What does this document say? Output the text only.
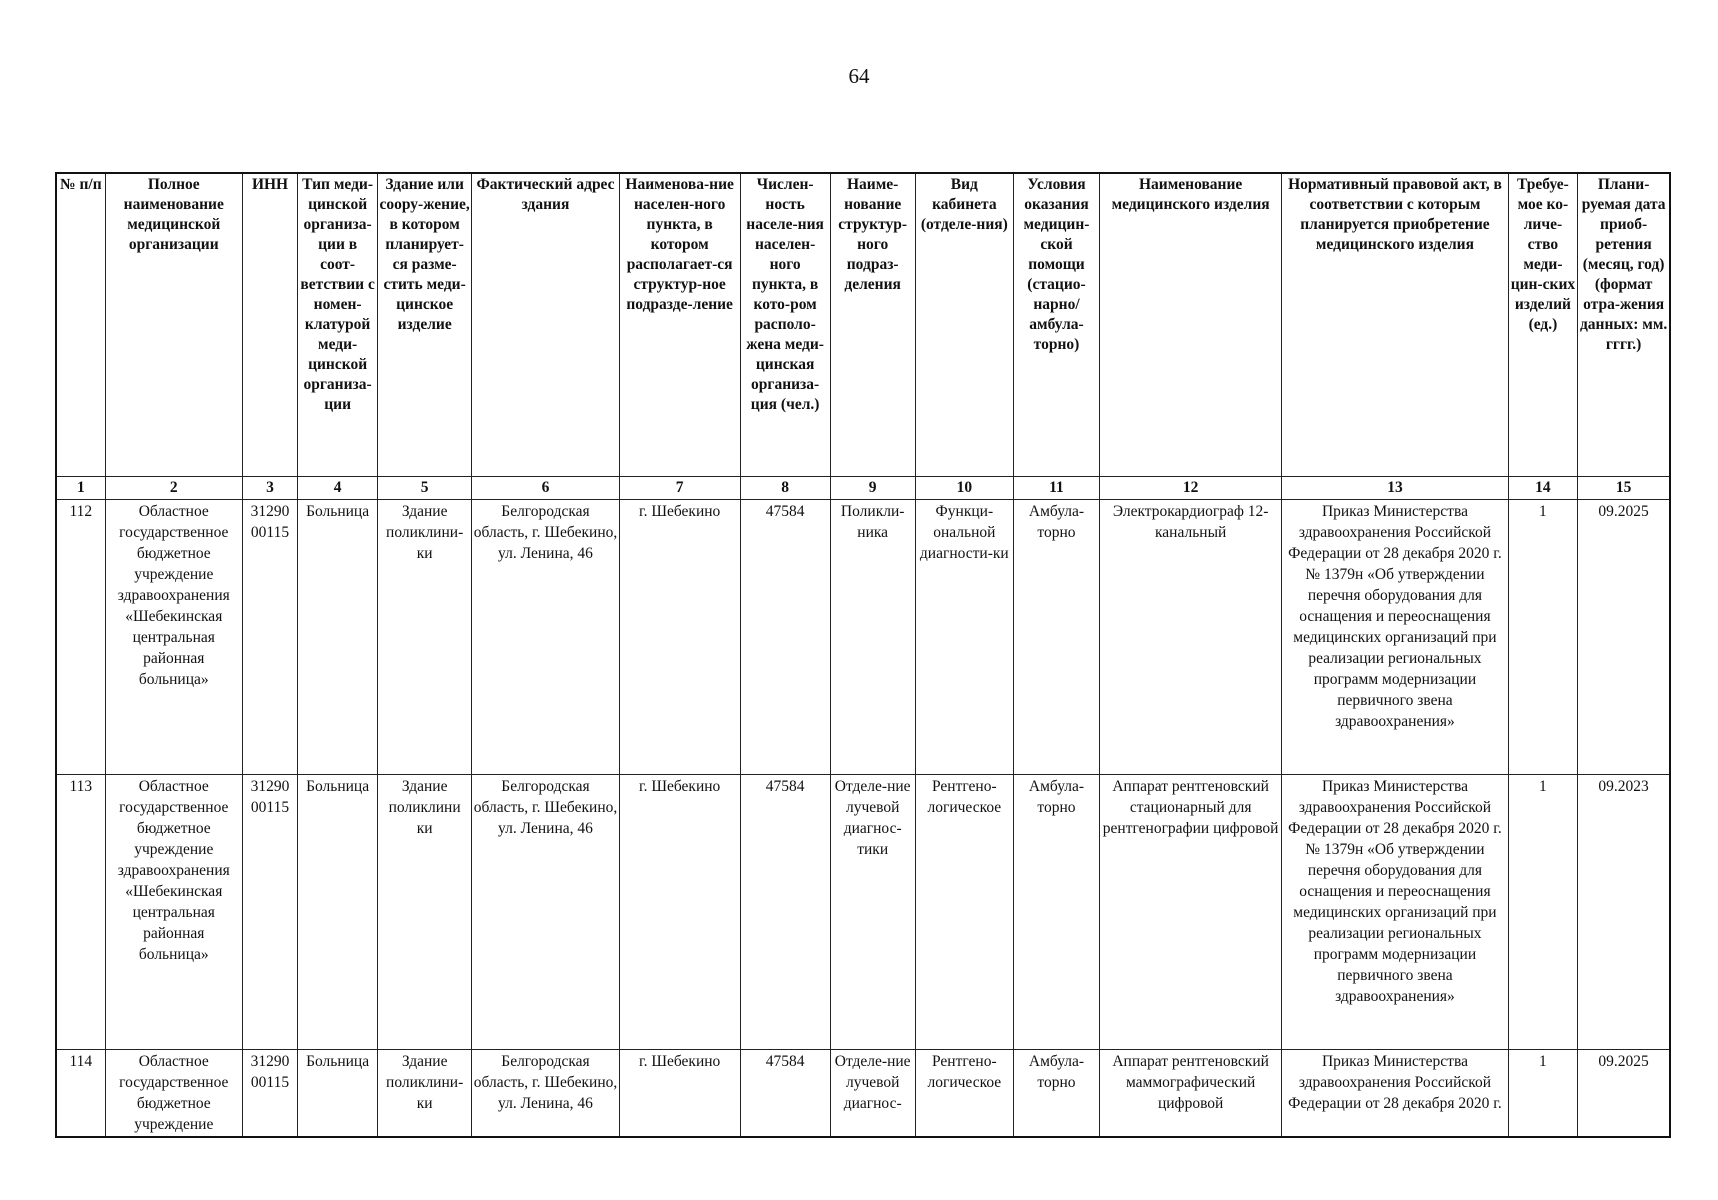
64
№ п/п	Полное наименование медицинской организации	ИНН	Тип меди-цинской организа-ции в соот-ветствии с номен-клатурой меди-цинской организа-ции	Здание или соору-жение, в котором планирует-ся разме-стить меди-цинское изделие	Фактический адрес здания	Наименова-ние населен-ного пункта, в котором располагает-ся структур-ное подразде-ление	Числен-ность населе-ния населен-ного пункта, в кото-ром располо-жена меди-цинская организа-ция (чел.)	Наиме-нование структур-ного подраз-деления	Вид кабинета (отделе-ния)	Условия оказания медицин-ской помощи (стацио-нарно/ амбула-торно)	Наименование медицинского изделия	Нормативный правовой акт, в соответствии с которым планируется приобретение медицинского изделия	Требуе-мое ко-личе-ство меди-цин-ских изделий (ед.)	Плани-руемая дата приоб-ретения (месяц, год) (формат отра-жения данных: мм. гггг.)
1	2	3	4	5	6	7	8	9	10	11	12	13	14	15
112	Областное государственное бюджетное учреждение здравоохранения «Шебекинская центральная районная больница»	31290 00115	Больница	Здание поликлини-ки	Белгородская область, г. Шебекино, ул. Ленина, 46	г. Шебекино	47584	Поликли-ника	Функци-ональной диагности-ки	Амбула-торно	Электрокардиограф 12-канальный	Приказ Министерства здравоохранения Российской Федерации от 28 декабря 2020 г. № 1379н «Об утверждении перечня оборудования для оснащения и переоснащения медицинских организаций при реализации региональных программ модернизации первичного звена здравоохранения»	1	09.2025
113	Областное государственное бюджетное учреждение здравоохранения «Шебекинская центральная районная больница»	31290 00115	Больница	Здание поликлини ки	Белгородская область, г. Шебекино, ул. Ленина, 46	г. Шебекино	47584	Отделе-ние лучевой диагнос-тики	Рентгено-логическое	Амбула-торно	Аппарат рентгеновский стационарный для рентгенографии цифровой	Приказ Министерства здравоохранения Российской Федерации от 28 декабря 2020 г. № 1379н «Об утверждении перечня оборудования для оснащения и переоснащения медицинских организаций при реализации региональных программ модернизации первичного звена здравоохранения»	1	09.2023
114	Областное государственное бюджетное учреждение	31290 00115	Больница	Здание поликлини-ки	Белгородская область, г. Шебекино, ул. Ленина, 46	г. Шебекино	47584	Отделе-ние лучевой диагнос-	Рентгено-логическое	Амбула-торно	Аппарат рентгеновский маммографический цифровой	Приказ Министерства здравоохранения Российской Федерации от 28 декабря 2020 г.	1	09.2025
